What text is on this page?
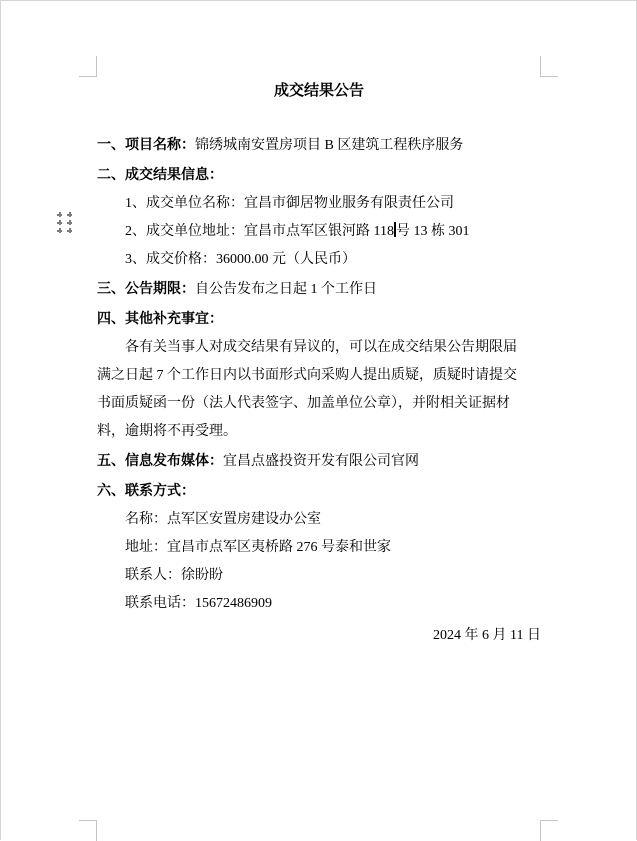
成交结果公告
一、项目名称：锦绣城南安置房项目 B 区建筑工程秩序服务
二、成交结果信息：
1、成交单位名称：宜昌市御居物业服务有限责任公司
2、成交单位地址：宜昌市点军区银河路 118 号 13 栋 301
3、成交价格：36000.00 元（人民币）
三、公告期限：自公告发布之日起 1 个工作日
四、其他补充事宜：
各有关当事人对成交结果有异议的，可以在成交结果公告期限届
满之日起 7 个工作日内以书面形式向采购人提出质疑，质疑时请提交
书面质疑函一份（法人代表签字、加盖单位公章），并附相关证据材
料，逾期将不再受理。
五、信息发布媒体：宜昌点盛投资开发有限公司官网
六、联系方式：
名称：点军区安置房建设办公室
地址：宜昌市点军区夷桥路 276 号泰和世家
联系人：徐盼盼
联系电话：15672486909
2024 年 6 月 11 日
